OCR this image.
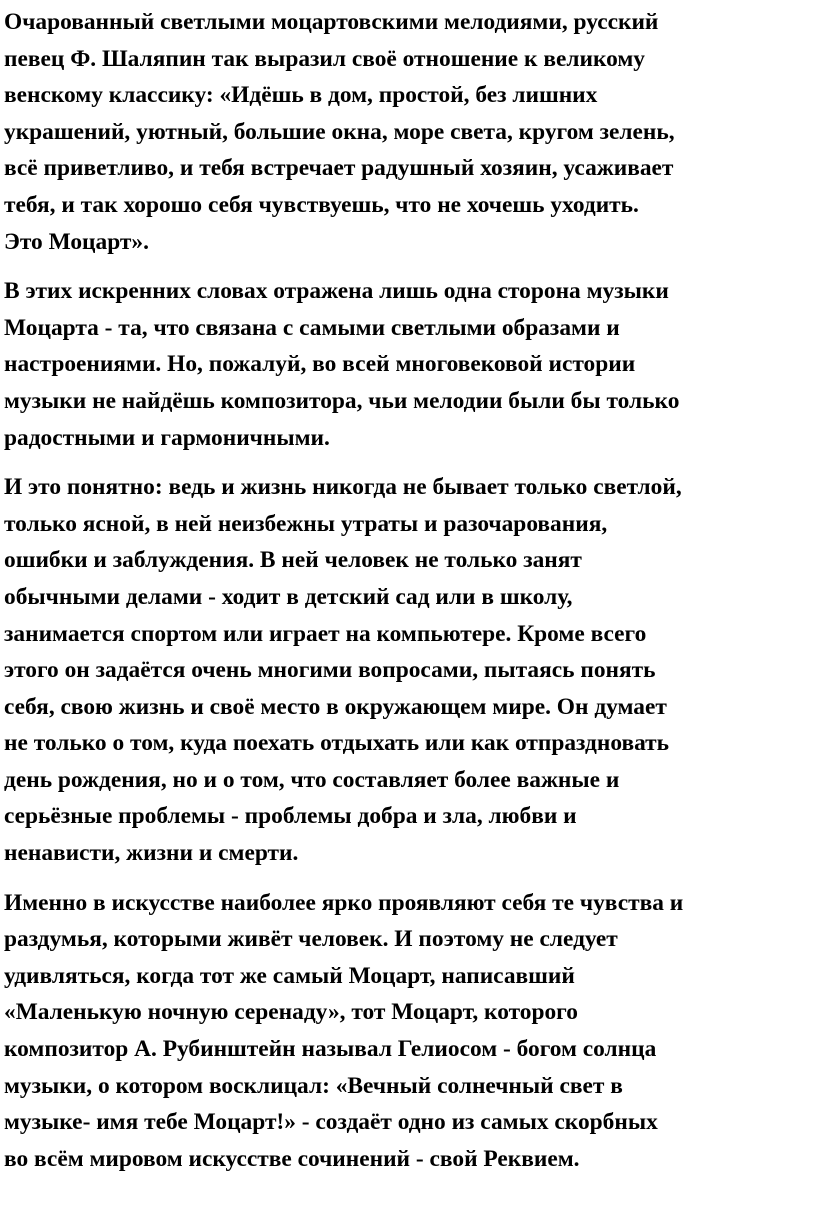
Очарованный светлыми моцартовскими мелодиями, русский
певец Ф. Шаляпин так выразил своё отношение к великому
венскому классику: «Идёшь в дом, простой, без лишних
украшений, уютный, большие окна, море света, кругом зелень,
всё приветливо, и тебя встречает радушный хозяин, усаживает
тебя, и так хорошо себя чувствуешь, что не хочешь уходить.
Это Моцарт».
В этих искренних словах отражена лишь одна сторона музыки
Моцарта - та, что связана с самыми светлыми образами и
настроениями. Но, пожалуй, во всей многовековой истории
музыки не найдёшь композитора, чьи мелодии были бы только
радостными и гармоничными.
И это понятно: ведь и жизнь никогда не бывает только светлой,
только ясной, в ней неизбежны утраты и разочарования,
ошибки и заблуждения. В ней человек не только занят
обычными делами - ходит в детский сад или в школу,
занимается спортом или играет на компьютере. Кроме всего
этого он задаётся очень многими вопросами, пытаясь понять
себя, свою жизнь и своё место в окружающем мире. Он думает
не только о том, куда поехать отдыхать или как отпраздновать
день рождения, но и о том, что составляет более важные и
серьёзные проблемы - проблемы добра и зла, любви и
ненависти, жизни и смерти.
Именно в искусстве наиболее ярко проявляют себя те чувства и
раздумья, которыми живёт человек. И поэтому не следует
удивляться, когда тот же самый Моцарт, написавший
«Маленькую ночную серенаду», тот Моцарт, которого
композитор А. Рубинштейн называл Гелиосом - богом солнца
музыки, о котором восклицал: «Вечный солнечный свет в
музыке- имя тебе Моцарт!» - создаёт одно из самых скорбных
во всём мировом искусстве сочинений - свой Реквием.
